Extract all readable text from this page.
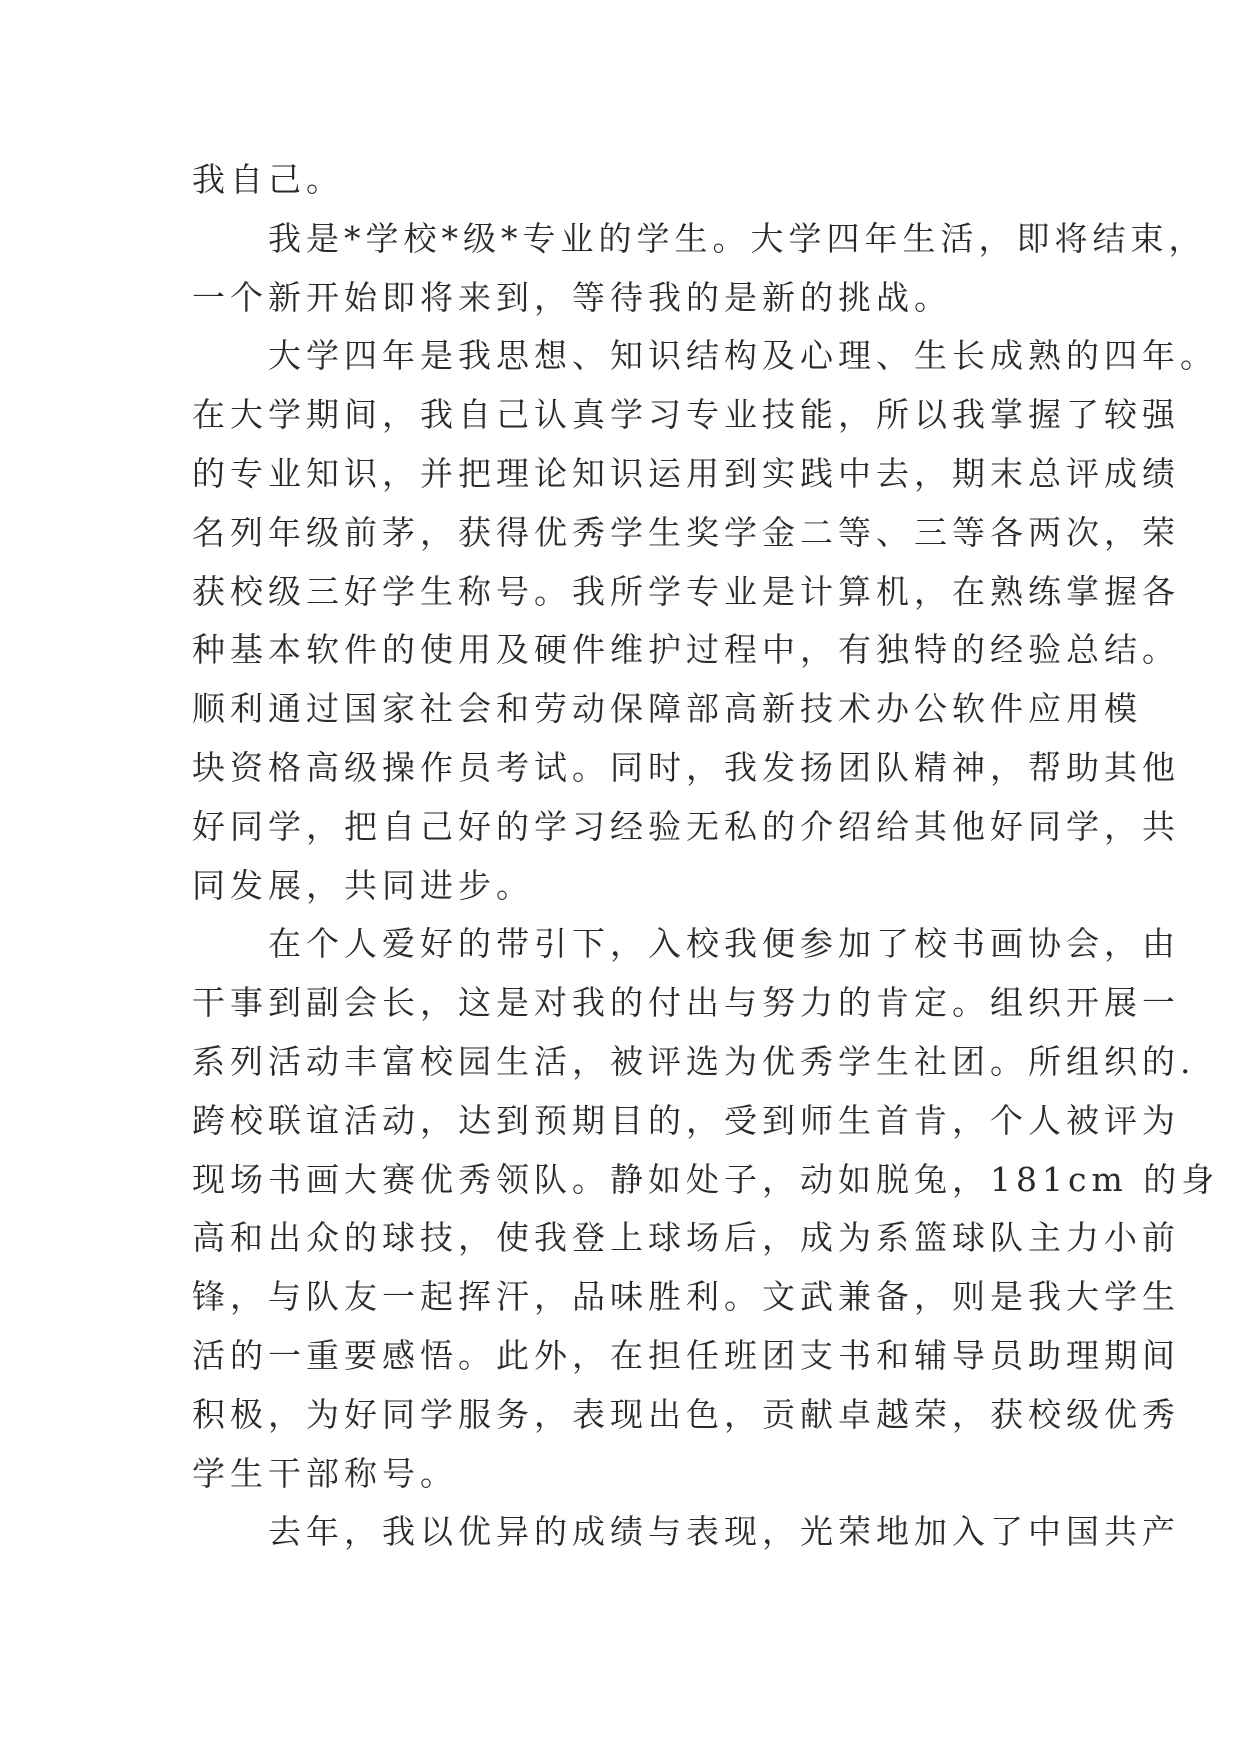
我自己。
　　我是*学校*级*专业的学生。大学四年生活，即将结束，
一个新开始即将来到，等待我的是新的挑战。
　　大学四年是我思想、知识结构及心理、生长成熟的四年。
在大学期间，我自己认真学习专业技能，所以我掌握了较强
的专业知识，并把理论知识运用到实践中去，期末总评成绩
名列年级前茅，获得优秀学生奖学金二等、三等各两次，荣
获校级三好学生称号。我所学专业是计算机，在熟练掌握各
种基本软件的使用及硬件维护过程中，有独特的经验总结。
顺利通过国家社会和劳动保障部高新技术办公软件应用模
块资格高级操作员考试。同时，我发扬团队精神，帮助其他
好同学，把自己好的学习经验无私的介绍给其他好同学，共
同发展，共同进步。
　　在个人爱好的带引下，入校我便参加了校书画协会，由
干事到副会长，这是对我的付出与努力的肯定。组织开展一
系列活动丰富校园生活，被评选为优秀学生社团。所组织的.
跨校联谊活动，达到预期目的，受到师生首肯，个人被评为
现场书画大赛优秀领队。静如处子，动如脱兔，181cm 的身
高和出众的球技，使我登上球场后，成为系篮球队主力小前
锋，与队友一起挥汗，品味胜利。文武兼备，则是我大学生
活的一重要感悟。此外，在担任班团支书和辅导员助理期间
积极，为好同学服务，表现出色，贡献卓越荣，获校级优秀
学生干部称号。
　　去年，我以优异的成绩与表现，光荣地加入了中国共产
